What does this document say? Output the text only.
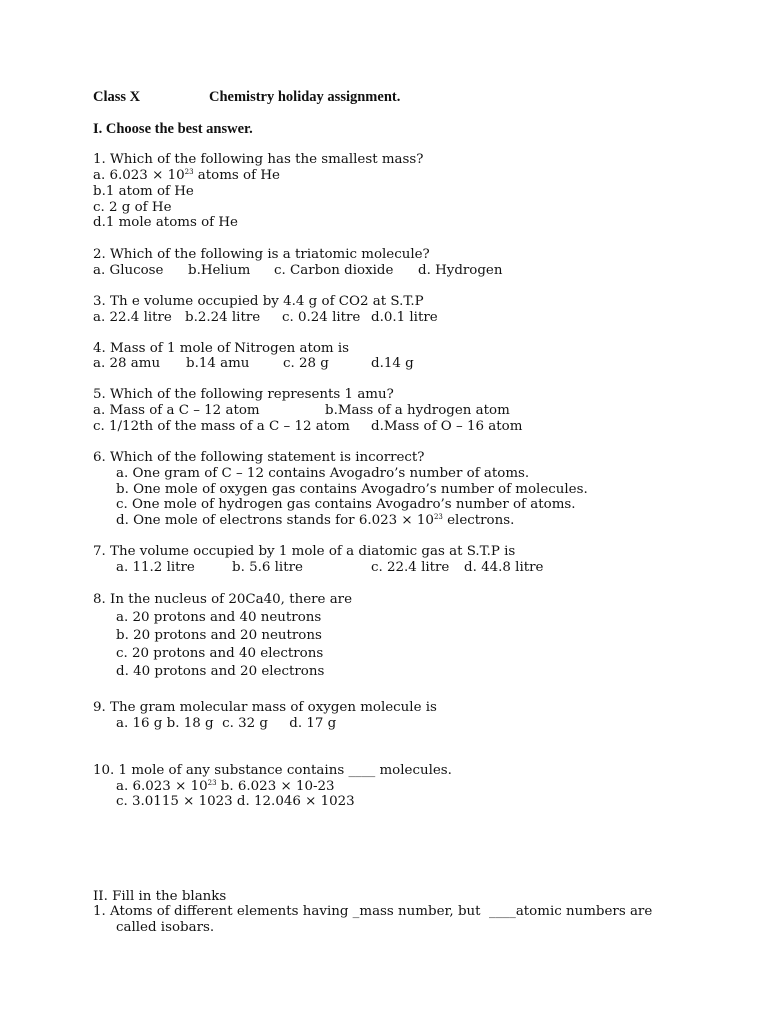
Class X	Chemistry holiday assignment.
I. Choose the best answer.
1. Which of the following has the smallest mass?
a. $6.023 \times 10^{23}$ atoms of He
b.1 atom of He
c. 2 g of He
d.1 mole atoms of He
2. Which of the following is a triatomic molecule?
a. Glucose b.Helium c. Carbon dioxide d. Hydrogen
3. Th e volume occupied by 4.4 g of CO2 at S.T.P
a. 22.4 litre b.2.24 litre c. 0.24 litre d.0.1 litre
4. Mass of 1 mole of Nitrogen atom is
a. 28 amu b.14 amu	c. 28 g	d.14 g
5. Which of the following represents 1 amu?
a. Mass of a C – 12 atom	b.Mass of a hydrogen atom
c. 1/12th of the mass of a C – 12 atom d.Mass of O – 16 atom
6. Which of the following statement is incorrect?
a. One gram of C – 12 contains Avogadro’s number of atoms.
b. One mole of oxygen gas contains Avogadro’s number of molecules.
c. One mole of hydrogen gas contains Avogadro’s number of atoms.
d. One mole of electrons stands for $6.023 \times 10^{23}$ electrons.
7. The volume occupied by 1 mole of a diatomic gas at S.T.P is
a. 11.2 litre	b. 5.6 litre	c. 22.4 litre d. 44.8 litre
8. In the nucleus of 20Ca40, there are
a. 20 protons and 40 neutrons
b. 20 protons and 20 neutrons
c. 20 protons and 40 electrons
d. 40 protons and 20 electrons
9. The gram molecular mass of oxygen molecule is
a. 16 g b. 18 g  c. 32 g     d. 17 g
10. 1 mole of any substance contains ____ molecules.
a. $6.023 \times 10^{23}$ b. 6.023 × 10-23
c. 3.0115 × 1023 d. 12.046 × 1023
II. Fill in the blanks
1. Atoms of different elements having _mass number, but  ____atomic numbers are
called isobars.
